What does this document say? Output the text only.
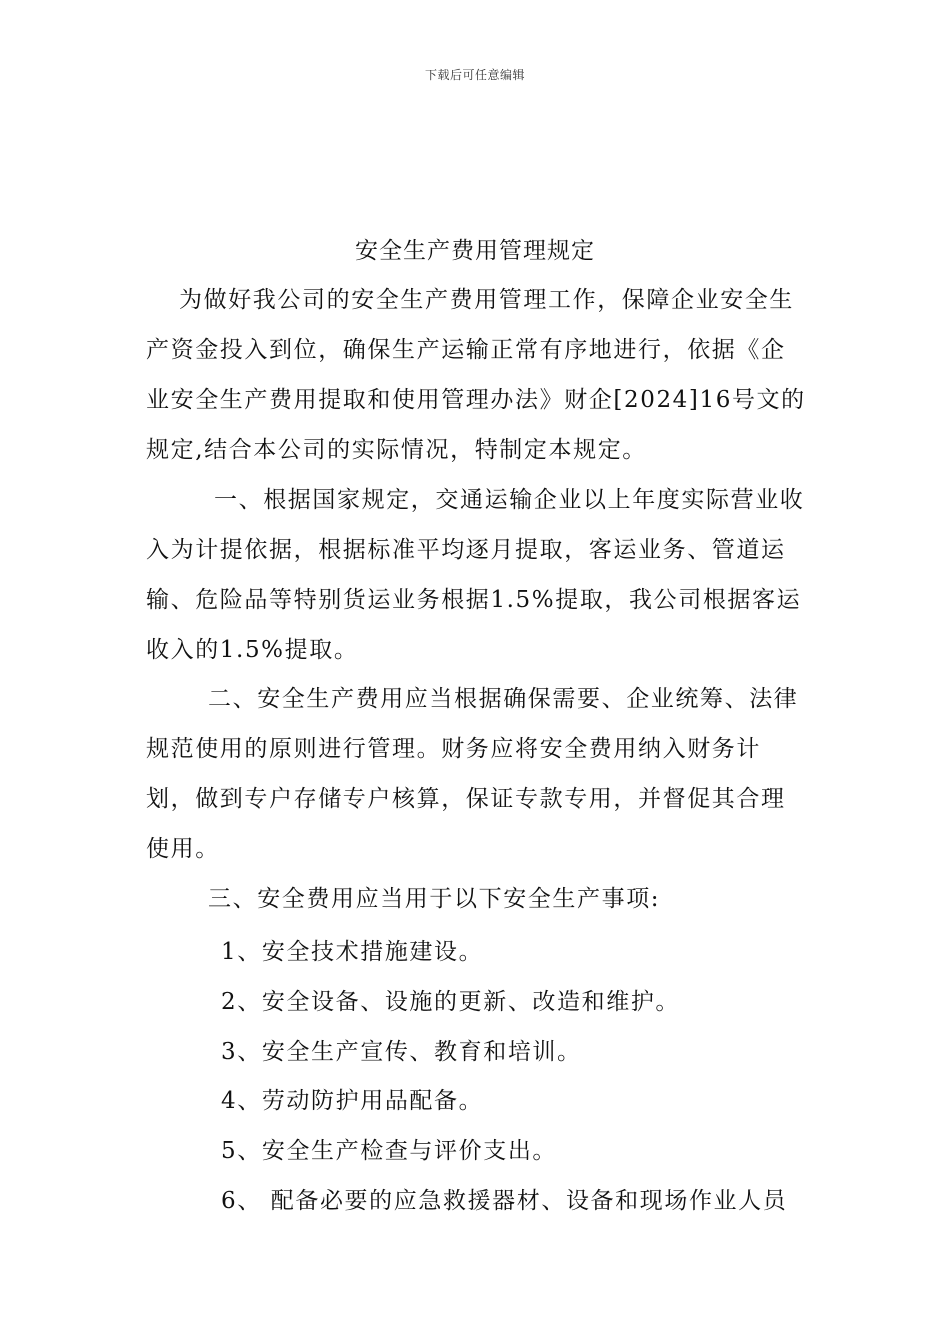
下载后可任意编辑
安全生产费用管理规定

为做好我公司的安全生产费用管理工作，保障企业安全生产资金投入到位，确保生产运输正常有序地进行，依据《企业安全生产费用提取和使用管理办法》财企[2024]16号文的规定,结合本公司的实际情况，特制定本规定。

一、根据国家规定，交通运输企业以上年度实际营业收入为计提依据，根据标准平均逐月提取，客运业务、管道运输、危险品等特别货运业务根据1.5%提取，我公司根据客运收入的1.5%提取。

二、安全生产费用应当根据确保需要、企业统筹、法律规范使用的原则进行管理。财务应将安全费用纳入财务计划，做到专户存储专户核算，保证专款专用，并督促其合理使用。

三、安全费用应当用于以下安全生产事项:

1、安全技术措施建设。

2、安全设备、设施的更新、改造和维护。

3、安全生产宣传、教育和培训。

4、劳动防护用品配备。

5、安全生产检查与评价支出。

6、 配备必要的应急救援器材、设备和现场作业人员
